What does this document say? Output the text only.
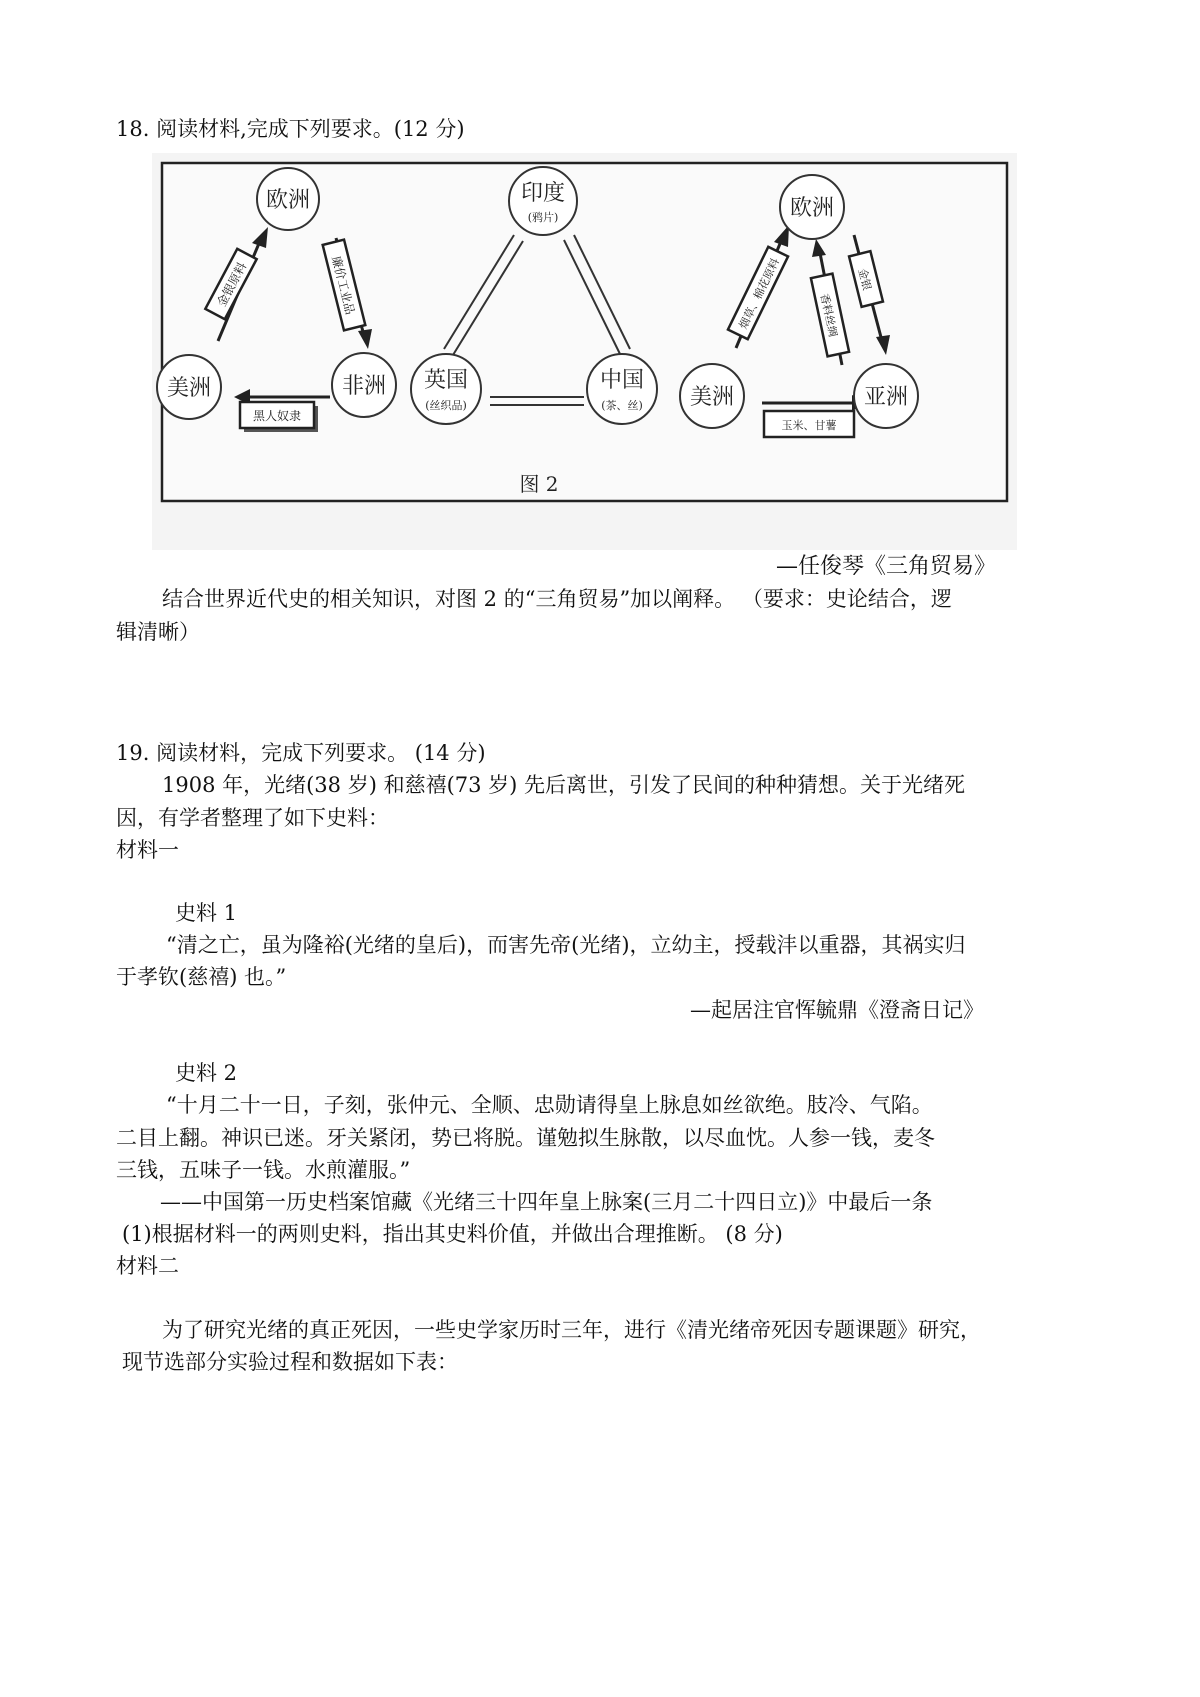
18. 阅读材料,完成下列要求。(12 分)
金银原料	廉价工业品
黑人奴隶
欧洲
美洲	非洲
印度
(鸦片)
英国
(丝织品)
中国
(茶、丝)
烟草、棉花原料	香料丝绸
金银
玉米、甘薯
欧洲
美洲	亚洲
图 2
—任俊琴《三角贸易》
结合世界近代史的相关知识，对图 2 的“三角贸易”加以阐释。 （要求：史论结合，逻
辑清晰）
19. 阅读材料，完成下列要求。 (14 分)
1908 年，光绪(38 岁) 和慈禧(73 岁) 先后离世，引发了民间的种种猜想。关于光绪死
因，有学者整理了如下史料：
材料一
史料 1
“清之亡，虽为隆裕(光绪的皇后)，而害先帝(光绪)，立幼主，授载沣以重器，其祸实归
于孝钦(慈禧) 也。”
—起居注官恽毓鼎《澄斋日记》
史料 2
“十月二十一日，子刻，张仲元、全顺、忠勋请得皇上脉息如丝欲绝。肢冷、气陷。
二目上翻。神识已迷。牙关紧闭，势已将脱。谨勉拟生脉散，以尽血忱。人参一钱，麦冬
三钱，五味子一钱。水煎灌服。”
——中国第一历史档案馆藏《光绪三十四年皇上脉案(三月二十四日立)》中最后一条
(1)根据材料一的两则史料，指出其史料价值，并做出合理推断。 (8 分)
材料二
为了研究光绪的真正死因，一些史学家历时三年，进行《清光绪帝死因专题课题》研究，
现节选部分实验过程和数据如下表：
